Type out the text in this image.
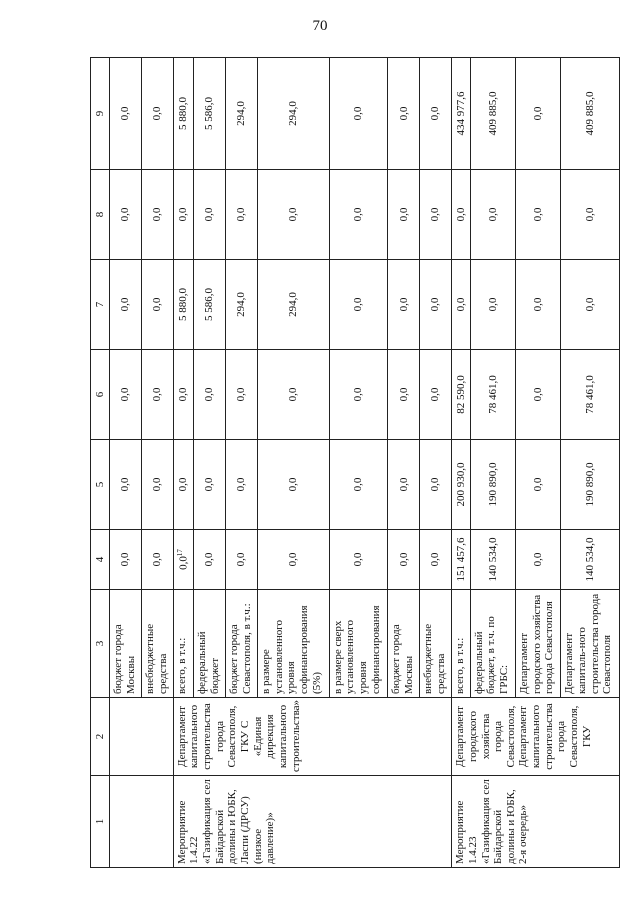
70
1	2	3	4	5	6	7	8	9
		бюджет города Москвы	0,0	0,0	0,0	0,0	0,0	0,0
		внебюджетные средства	0,0	0,0	0,0	0,0	0,0	0,0
Мероприятие 1.4.22 «Газификация сел Байдарской долины и ЮБК, Ласпи (ДРСУ) (низкое давление)»	Департамент капитального строительства города Севастополя, ГКУ С «Единая дирекция капитального строительства»	всего, в т.ч.:	$0,0^{17}$	0,0	0,0	5 880,0	0,0	5 880,0
		федеральный бюджет	0,0	0,0	0,0	5 586,0	0,0	5 586,0
		бюджет города Севастополя, в т.ч.:	0,0	0,0	0,0	294,0	0,0	294,0
		в размере установленного уровня софинансирования (5%)	0,0	0,0	0,0	294,0	0,0	294,0
		в размере сверх установленного уровня софинансирования	0,0	0,0	0,0	0,0	0,0	0,0
		бюджет города Москвы	0,0	0,0	0,0	0,0	0,0	0,0
		внебюджетные средства	0,0	0,0	0,0	0,0	0,0	0,0
Мероприятие 1.4.23 «Газификация сел Байдарской долины и ЮБК, 2-я очередь»	Департамент городского хозяйства города Севастополя, Департамент капитального строительства города Севастополя, ГКУ	всего, в т.ч.:	151 457,6	200 930,0	82 590,0	0,0	0,0	434 977,6
		федеральный бюджет, в т.ч. по ГРБС:	140 534,0	190 890,0	78 461,0	0,0	0,0	409 885,0
		Департамент городского хозяйства города Севастополя	0,0	0,0	0,0	0,0	0,0	0,0
		Департамент капиталь-ного строительства города Севастополя	140 534,0	190 890,0	78 461,0	0,0	0,0	409 885,0
